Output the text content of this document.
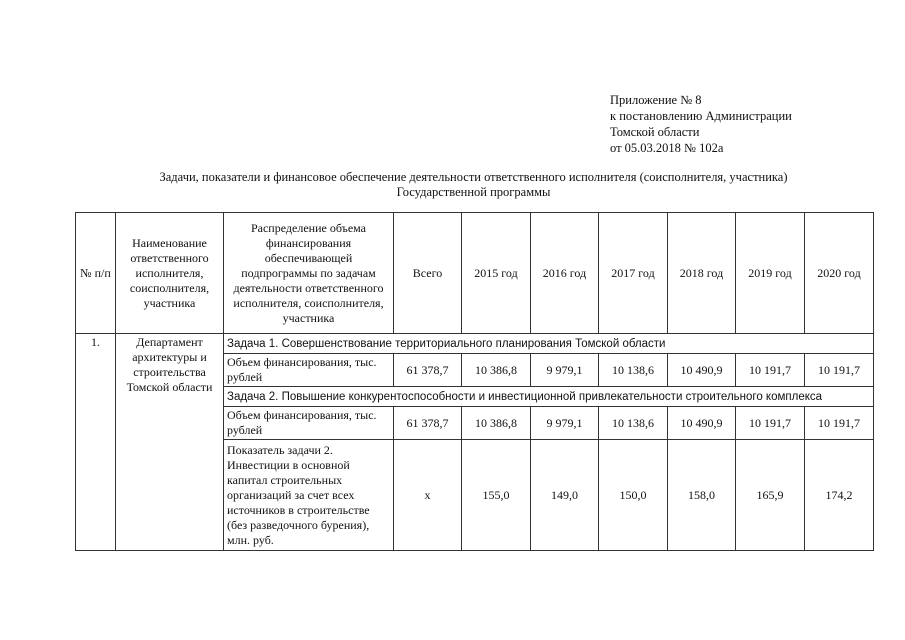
Приложение № 8
к постановлению Администрации
Томской области
от 05.03.2018 № 102а
Задачи, показатели и финансовое обеспечение деятельности ответственного исполнителя (соисполнителя, участника)
Государственной программы
№ п/п	Наименование ответственного исполнителя, соисполнителя, участника	Распределение объема финансирования обеспечивающей подпрограммы по задачам деятельности ответственного исполнителя, соисполнителя, участника	Всего	2015 год	2016 год	2017 год	2018 год	2019 год	2020 год
1.	Департамент архитектуры и строительства Томской области	Задача 1. Совершенствование территориального планирования Томской области							
		Объем финансирования, тыс. рублей	61 378,7	10 386,8	9 979,1	10 138,6	10 490,9	10 191,7	10 191,7
		Задача 2. Повышение конкурентоспособности и инвестиционной привлекательности строительного комплекса							
		Объем финансирования, тыс. рублей	61 378,7	10 386,8	9 979,1	10 138,6	10 490,9	10 191,7	10 191,7
		Показатель задачи 2. Инвестиции в основной капитал строительных организаций за счет всех источников в строительстве (без разведочного бурения), млн. руб.	х	155,0	149,0	150,0	158,0	165,9	174,2
